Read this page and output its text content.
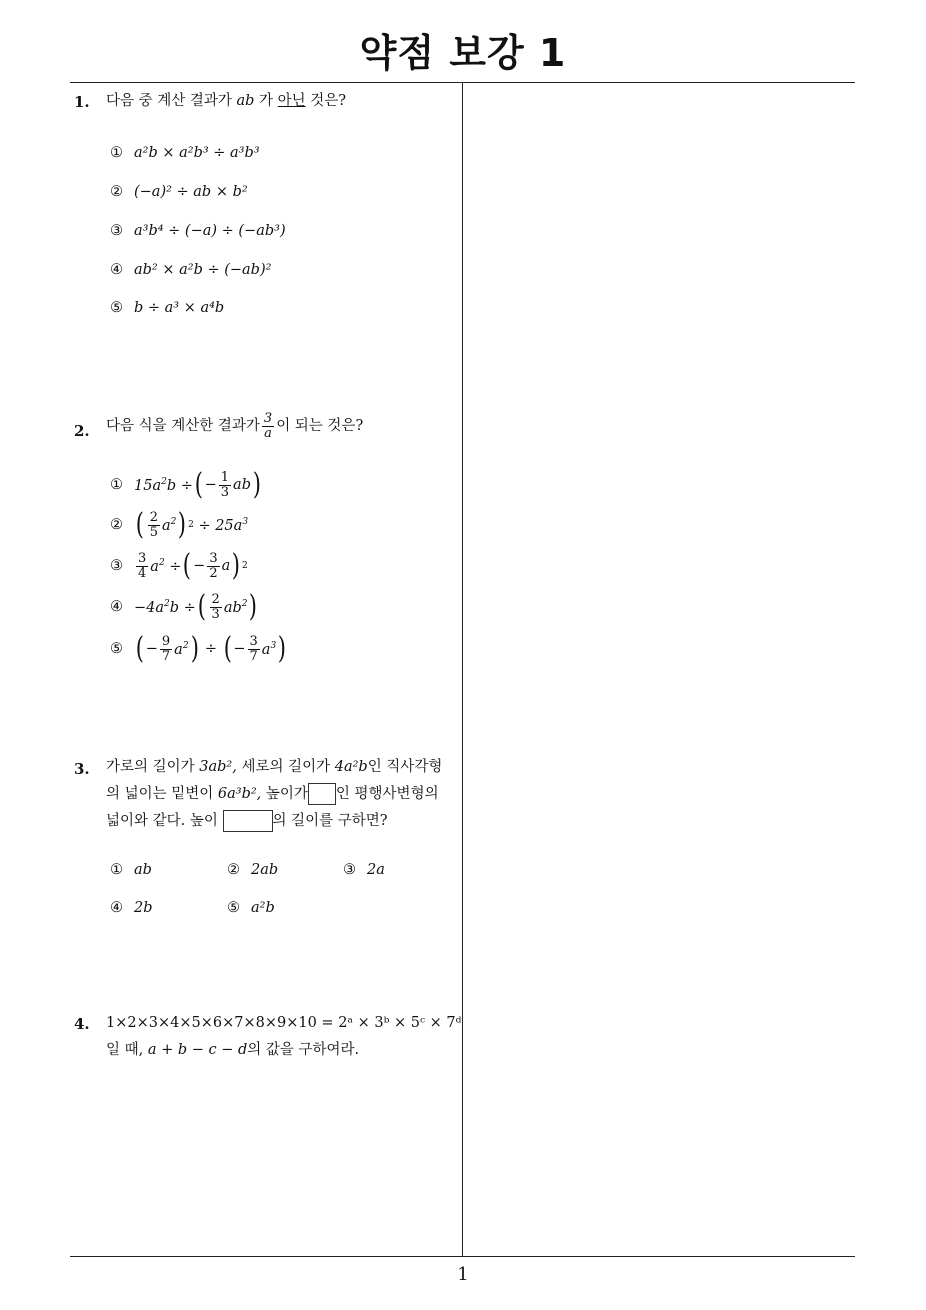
약점 보강 1
1
1. 다음 중 계산 결과가 ab 가 아닌 것은?
① a²b × a²b³ ÷ a³b³
② (−a)² ÷ ab × b²
③ a³b⁴ ÷ (−a) ÷ (−ab³)
④ ab² × a²b ÷ (−ab)²
⑤ b ÷ a³ × a⁴b
2. 다음 식을 계산한 결과가 $\frac{3}{a}$ 이 되는 것은?
① $15a^2b$ ÷ ( − $\frac{1}{3}$ ab )
② ( $\frac{2}{5} a^2$ ) $2 \div 25a^3$
③	$\frac{3}{4} a^2$ ÷ ( − $\frac{3}{2}$ a ) 2
④ $-4a^2b$ ÷ ( $\frac{2}{3} ab^2$ )
⑤ ( − $\frac{9}{7} a^2$ ) ÷ ( − $\frac{3}{7} a^3$ )
3. 가로의 길이가 3ab², 세로의 길이가 4a²b인 직사각형
의 넓이는 밑변이 6a³b², 높이가 인 평행사변형의
넓이와 같다. 높이	의 길이를 구하면?
① ab	② 2ab	③ 2a
④ 2b	⑤ a²b
4. 1×2×3×4×5×6×7×8×9×10 = 2ᵃ × 3ᵇ × 5ᶜ × 7ᵈ
일 때, a + b − c − d의 값을 구하여라.
